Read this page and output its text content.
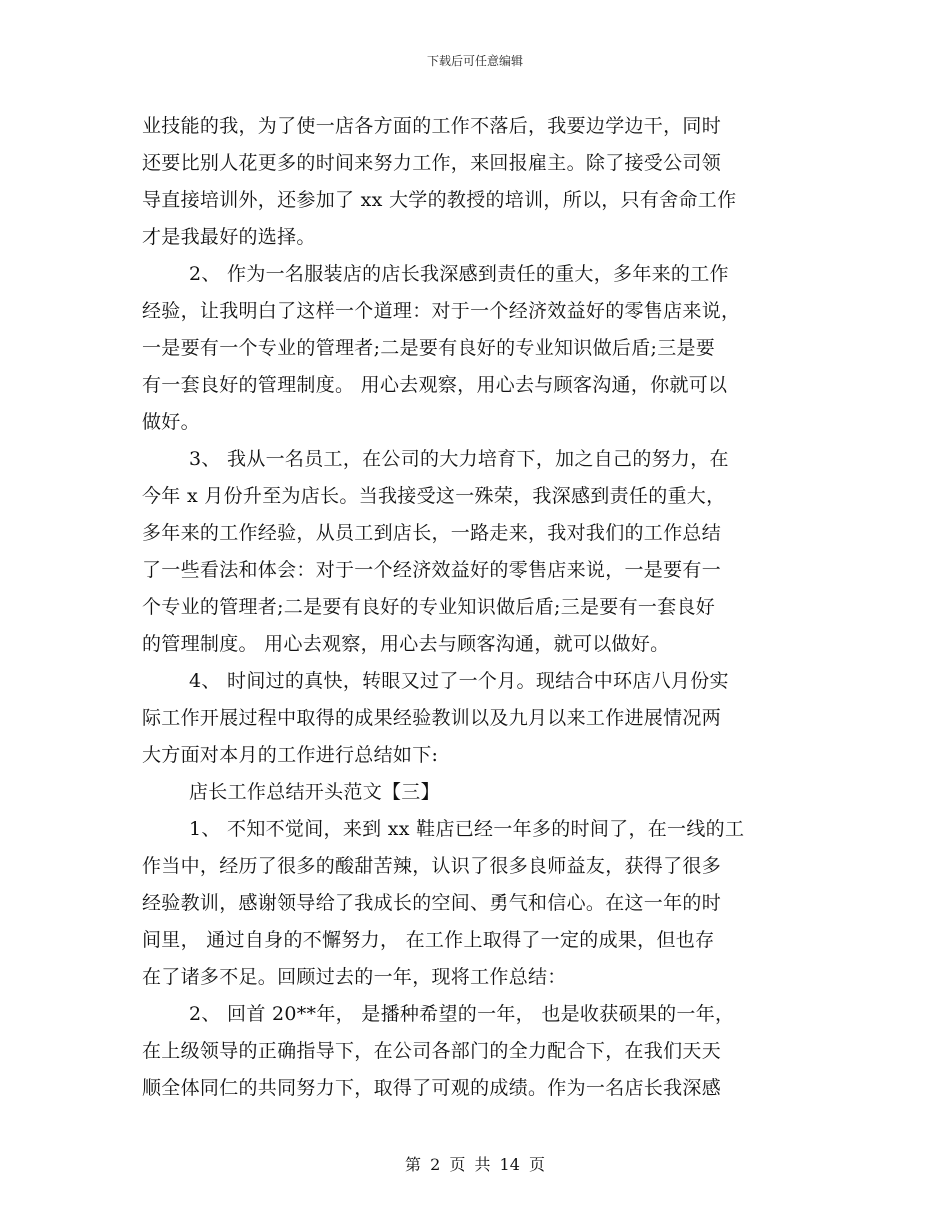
下载后可任意编辑
业技能的我，为了使一店各方面的工作不落后，我要边学边干，同时
还要比别人花更多的时间来努力工作，来回报雇主。除了接受公司领
导直接培训外，还参加了 xx 大学的教授的培训，所以，只有舍命工作
才是我最好的选择。
2、 作为一名服装店的店长我深感到责任的重大，多年来的工作
经验，让我明白了这样一个道理：对于一个经济效益好的零售店来说，
一是要有一个专业的管理者;二是要有良好的专业知识做后盾;三是要
有一套良好的管理制度。 用心去观察，用心去与顾客沟通，你就可以
做好。
3、 我从一名员工，在公司的大力培育下，加之自己的努力，在
今年 x 月份升至为店长。当我接受这一殊荣，我深感到责任的重大，
多年来的工作经验，从员工到店长，一路走来，我对我们的工作总结
了一些看法和体会：对于一个经济效益好的零售店来说，一是要有一
个专业的管理者;二是要有良好的专业知识做后盾;三是要有一套良好
的管理制度。 用心去观察，用心去与顾客沟通，就可以做好。
4、 时间过的真快，转眼又过了一个月。现结合中环店八月份实
际工作开展过程中取得的成果经验教训以及九月以来工作进展情况两
大方面对本月的工作进行总结如下:
店长工作总结开头范文【三】
1、 不知不觉间，来到 xx 鞋店已经一年多的时间了，在一线的工
作当中，经历了很多的酸甜苦辣，认识了很多良师益友，获得了很多
经验教训，感谢领导给了我成长的空间、勇气和信心。在这一年的时
间里， 通过自身的不懈努力， 在工作上取得了一定的成果，但也存
在了诸多不足。回顾过去的一年，现将工作总结：
2、 回首 20**年， 是播种希望的一年， 也是收获硕果的一年，
在上级领导的正确指导下，在公司各部门的全力配合下，在我们天天
顺全体同仁的共同努力下，取得了可观的成绩。作为一名店长我深感
第 2 页 共 14 页
